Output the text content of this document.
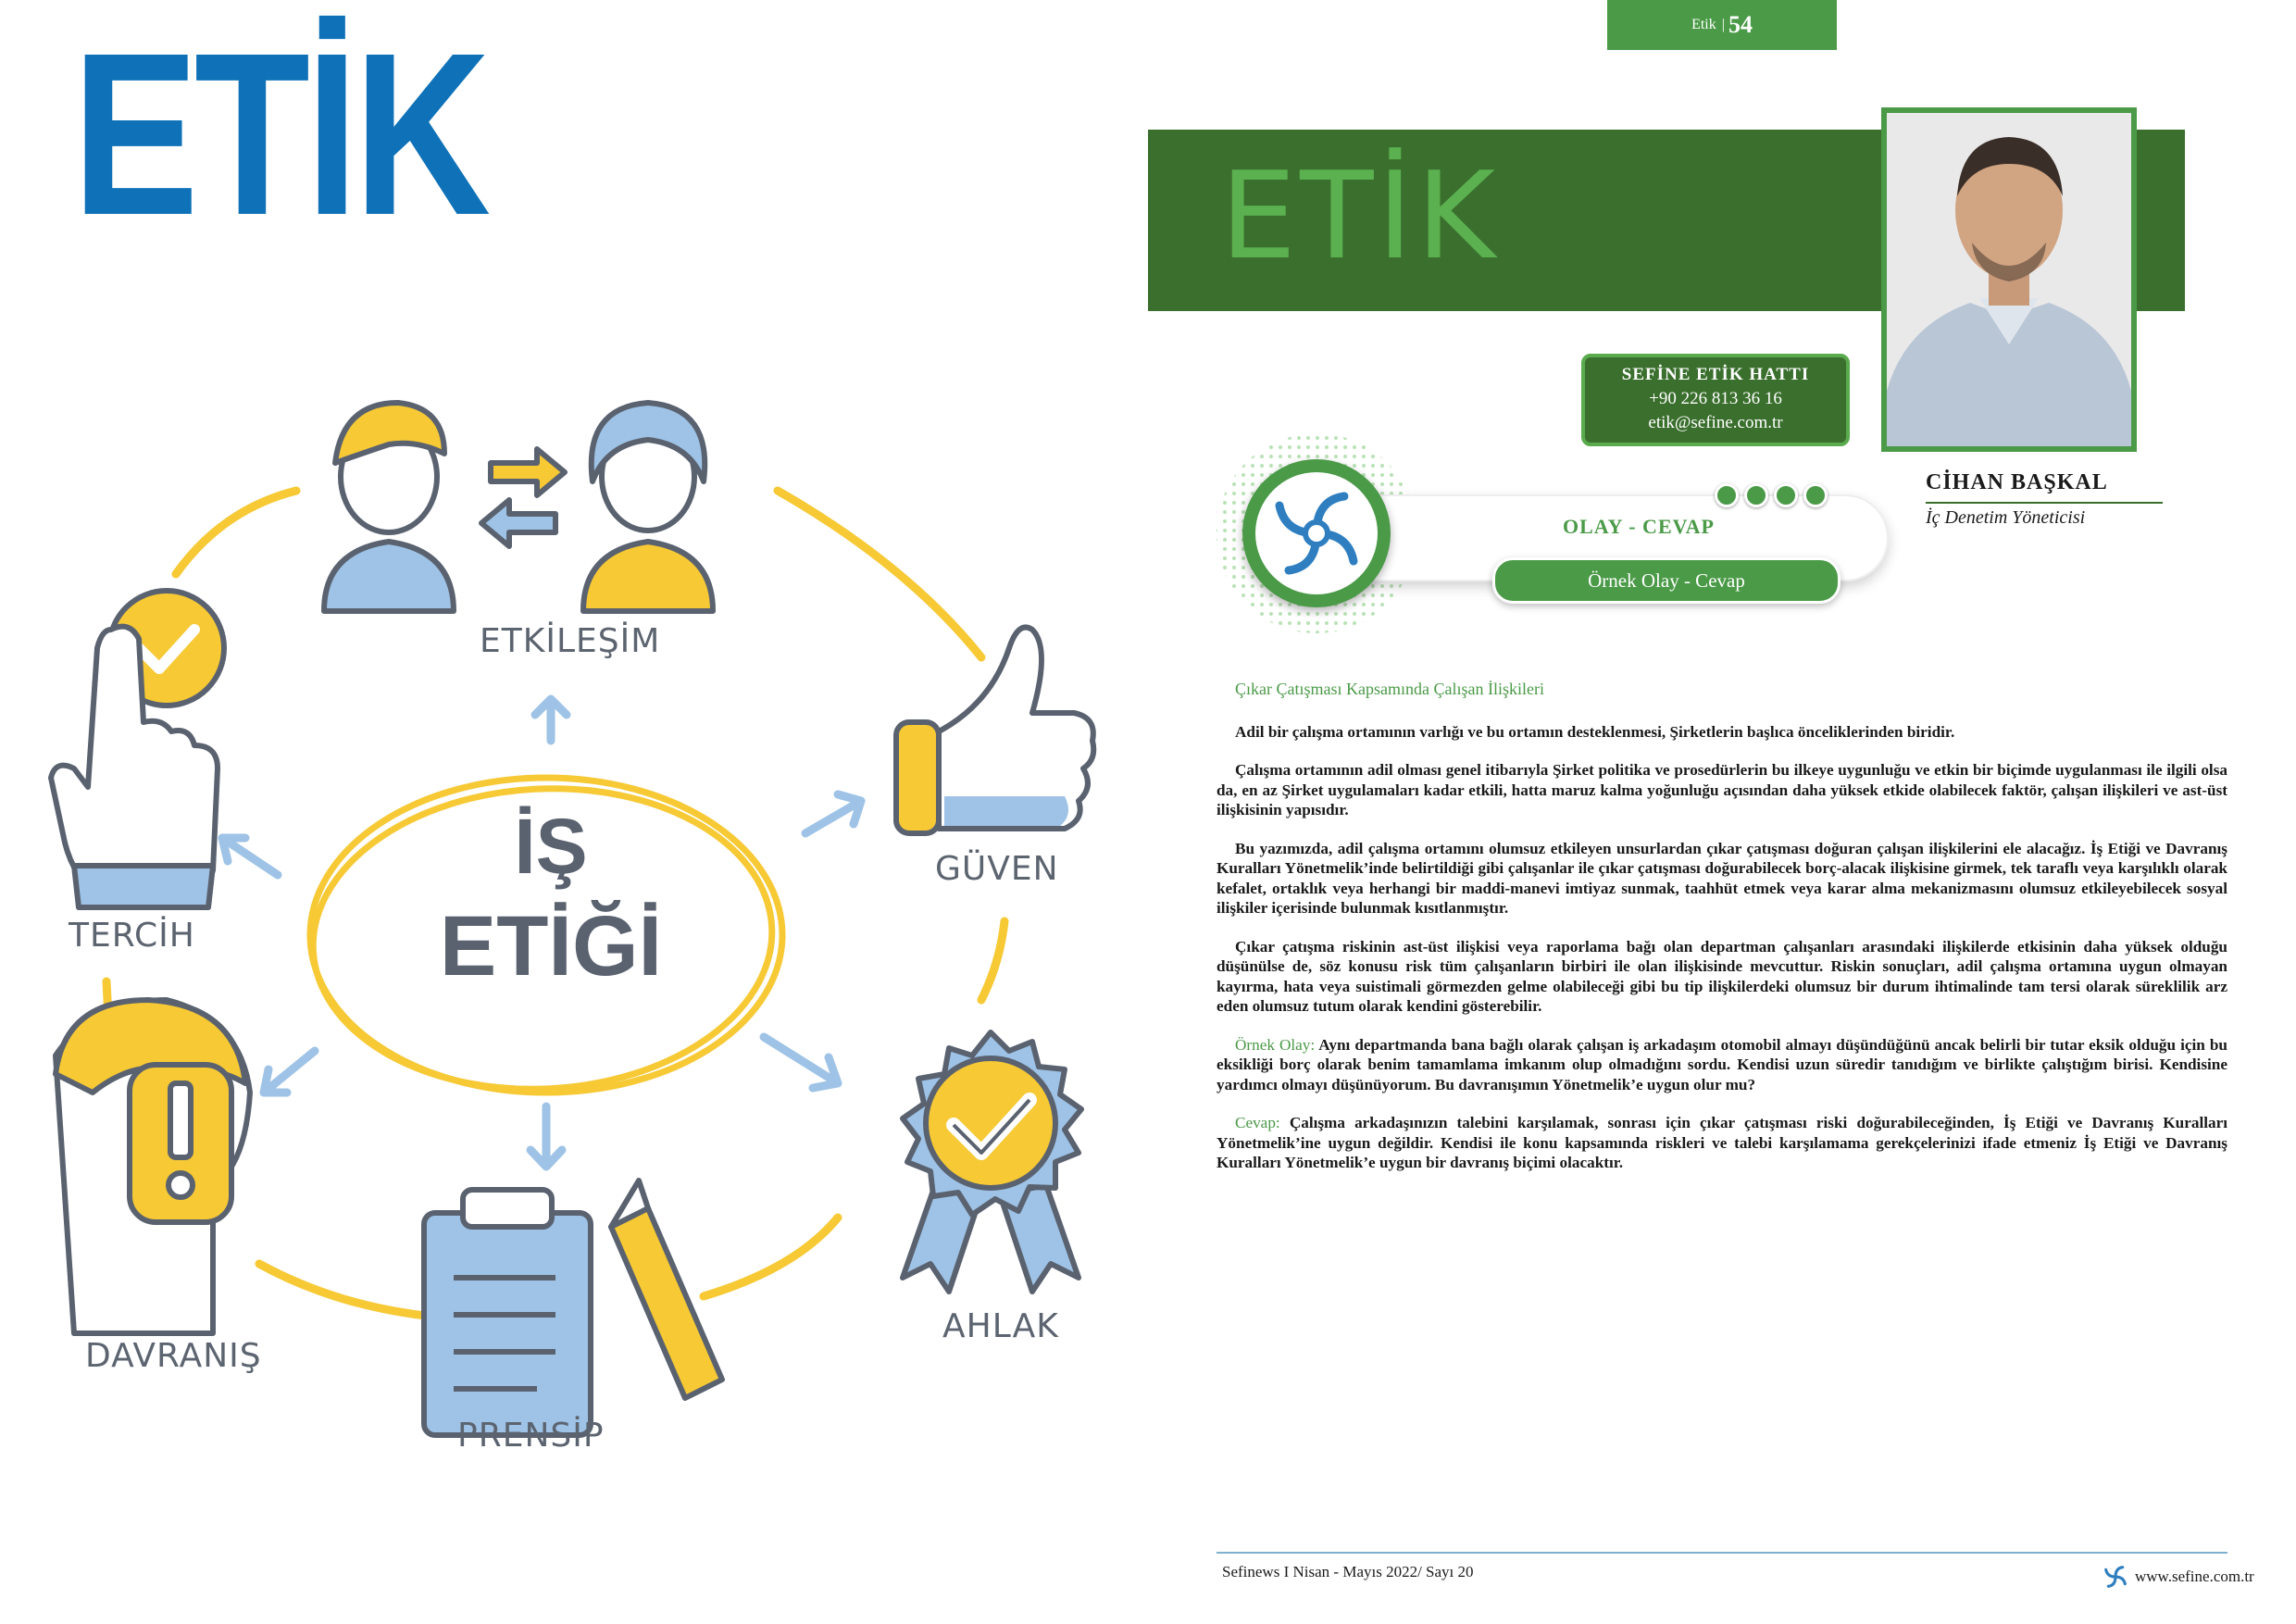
ETİK
İŞ
ETİĞİ
ETKİLEŞİM
GÜVEN
AHLAK
PRENSİP
DAVRANIŞ
TERCİH
Etik | 54
ETİK
CİHAN BAŞKAL
İç Denetim Yöneticisi
SEFİNE ETİK HATTI
+90 226 813 36 16
etik@sefine.com.tr
OLAY - CEVAP
Örnek Olay - Cevap

Çıkar Çatışması Kapsamında Çalışan İlişkileri

Adil bir çalışma ortamının varlığı ve bu ortamın desteklenmesi, Şirketlerin başlıca önceliklerinden biridir.

Çalışma ortamının adil olması genel itibarıyla Şirket politika ve prosedürlerin bu ilkeye uygunluğu ve etkin bir biçimde uygulanması ile ilgili olsa da, en az Şirket uygulamaları kadar etkili, hatta maruz kalma yoğunluğu açısından daha yüksek etkide olabilecek faktör, çalışan ilişkileri ve ast-üst ilişkisinin yapısıdır.

Bu yazımızda, adil çalışma ortamını olumsuz etkileyen unsurlardan çıkar çatışması doğuran çalışan ilişkilerini ele alacağız. İş Etiği ve Davranış Kuralları Yönetmelik’inde belirtildiği gibi çalışanlar ile çıkar çatışması doğurabilecek borç-alacak ilişkisine girmek, tek taraflı veya karşılıklı olarak kefalet, ortaklık veya herhangi bir maddi-manevi imtiyaz sunmak, taahhüt etmek veya karar alma mekanizmasını olumsuz etkileyebilecek sosyal ilişkiler içerisinde bulunmak kısıtlanmıştır.

Çıkar çatışma riskinin ast-üst ilişkisi veya raporlama bağı olan departman çalışanları arasındaki ilişkilerde etkisinin daha yüksek olduğu düşünülse de, söz konusu risk tüm çalışanların birbiri ile olan ilişkisinde mevcuttur. Riskin sonuçları, adil çalışma ortamına uygun olmayan kayırma, hata veya suistimali görmezden gelme olabileceği gibi bu tip ilişkilerdeki olumsuz bir durum ihtimalinde tam tersi olarak süreklilik arz eden olumsuz tutum olarak kendini gösterebilir.

Örnek Olay: Aynı departmanda bana bağlı olarak çalışan iş arkadaşım otomobil almayı düşündüğünü ancak belirli bir tutar eksik olduğu için bu eksikliği borç olarak benim tamamlama imkanım olup olmadığını sordu. Kendisi uzun süredir tanıdığım ve birlikte çalıştığım birisi. Kendisine yardımcı olmayı düşünüyorum. Bu davranışımın Yönetmelik’e uygun olur mu?

Cevap: Çalışma arkadaşınızın talebini karşılamak, sonrası için çıkar çatışması riski doğurabileceğinden, İş Etiği ve Davranış Kuralları Yönetmelik’ine uygun değildir. Kendisi ile konu kapsamında riskleri ve talebi karşılamama gerekçelerinizi ifade etmeniz İş Etiği ve Davranış Kuralları Yönetmelik’e uygun bir davranış biçimi olacaktır.

Sefinews I Nisan - Mayıs 2022/ Sayı 20	www.sefine.com.tr
